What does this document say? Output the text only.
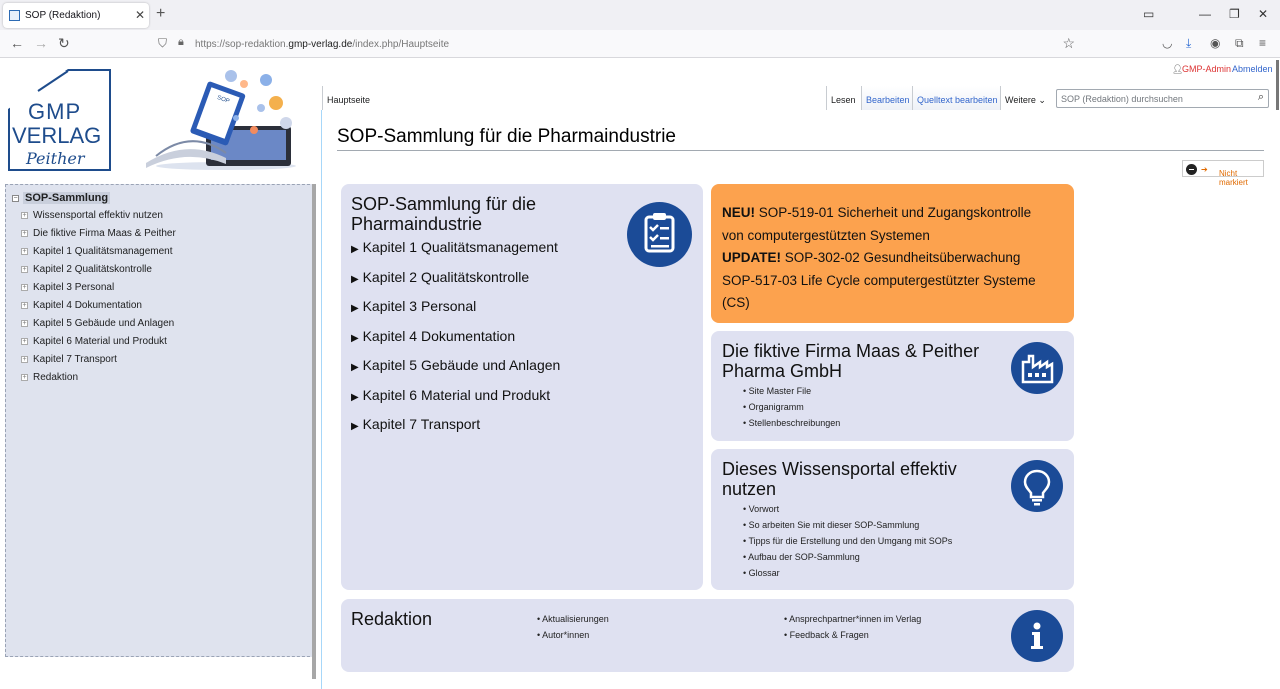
SOP (Redaktion)	✕ +	▭	— ❐ ✕
← → ↻	⛉ 🔒︎ https://sop-redaktion.gmp-verlag.de/index.php/Hauptseite	☆	◡ ⤓ ◉ ⧉ ≡
👤︎
GMP-Admin Abmelden
GMP
VERLAG
Peither
SOP
− SOP-Sammlung
+ Wissensportal effektiv nutzen
+ Die fiktive Firma Maas & Peither
+ Kapitel 1 Qualitätsmanagement
+ Kapitel 2 Qualitätskontrolle
+ Kapitel 3 Personal
+ Kapitel 4 Dokumentation
+ Kapitel 5 Gebäude und Anlagen
+ Kapitel 6 Material und Produkt
+ Kapitel 7 Transport
+ Redaktion
Hauptseite	Lesen	Bearbeiten Quelltext bearbeiten Weitere ⌄	SOP (Redaktion) durchsuchen	⌕
SOP-Sammlung für die Pharmaindustrie
➔ Nicht markiert
SOP-Sammlung für die
Pharmaindustrie
▶ Kapitel 1 Qualitätsmanagement
▶ Kapitel 2 Qualitätskontrolle
▶ Kapitel 3 Personal
▶ Kapitel 4 Dokumentation
▶ Kapitel 5 Gebäude und Anlagen
▶ Kapitel 6 Material und Produkt
▶ Kapitel 7 Transport
NEU! SOP-519-01 Sicherheit und Zugangskontrolle
von computergestützten Systemen
UPDATE! SOP-302-02 Gesundheitsüberwachung
SOP-517-03 Life Cycle computergestützter Systeme
(CS)
Die fiktive Firma Maas & Peither
Pharma GmbH
• Site Master File
• Organigramm
• Stellenbeschreibungen
Dieses Wissensportal effektiv
nutzen
• Vorwort
• So arbeiten Sie mit dieser SOP-Sammlung
• Tipps für die Erstellung und den Umgang mit SOPs
• Aufbau der SOP-Sammlung
• Glossar
Redaktion	• Aktualisierungen
• Autor*innen
• Ansprechpartner*innen im Verlag
• Feedback & Fragen
